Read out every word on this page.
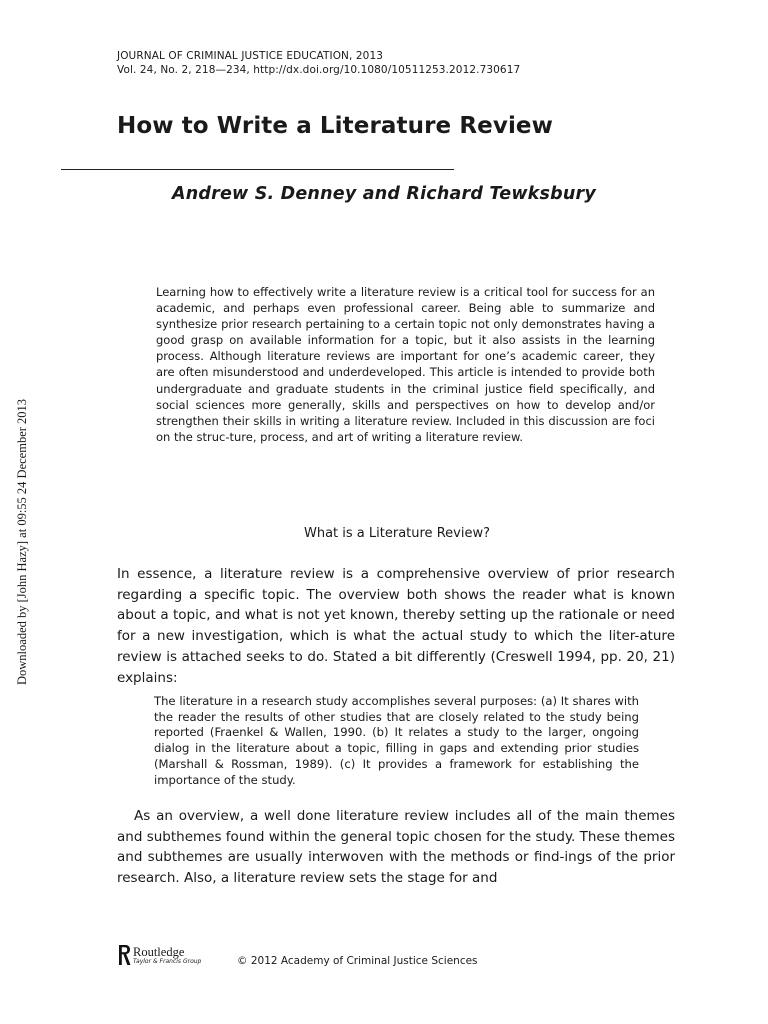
JOURNAL OF CRIMINAL JUSTICE EDUCATION, 2013
Vol. 24, No. 2, 218—234, http://dx.doi.org/10.1080/10511253.2012.730617
How to Write a Literature Review
Andrew S. Denney and Richard Tewksbury
Learning how to effectively write a literature review is a critical tool for success for an academic, and perhaps even professional career. Being able to summarize and synthesize prior research pertaining to a certain topic not only demonstrates having a good grasp on available information for a topic, but it also assists in the learning process. Although literature reviews are important for one’s academic career, they are often misunderstood and underdeveloped. This article is intended to provide both undergraduate and graduate students in the criminal justice field specifically, and social sciences more generally, skills and perspectives on how to develop and/or strengthen their skills in writing a literature review. Included in this discussion are foci on the struc-ture, process, and art of writing a literature review.
What is a Literature Review?
In essence, a literature review is a comprehensive overview of prior research regarding a specific topic. The overview both shows the reader what is known about a topic, and what is not yet known, thereby setting up the rationale or need for a new investigation, which is what the actual study to which the liter-ature review is attached seeks to do. Stated a bit differently (Creswell 1994, pp. 20, 21) explains:
The literature in a research study accomplishes several purposes: (a) It shares with the reader the results of other studies that are closely related to the study being reported (Fraenkel & Wallen, 1990. (b) It relates a study to the larger, ongoing dialog in the literature about a topic, filling in gaps and extending prior studies (Marshall & Rossman, 1989). (c) It provides a framework for establishing the importance of the study.
As an overview, a well done literature review includes all of the main themes and subthemes found within the general topic chosen for the study. These themes and subthemes are usually interwoven with the methods or find-ings of the prior research. Also, a literature review sets the stage for and
Downloaded by [John Hazy] at 09:55 24 December 2013
Routledge
Taylor & Francis Group	© 2012 Academy of Criminal Justice Sciences
